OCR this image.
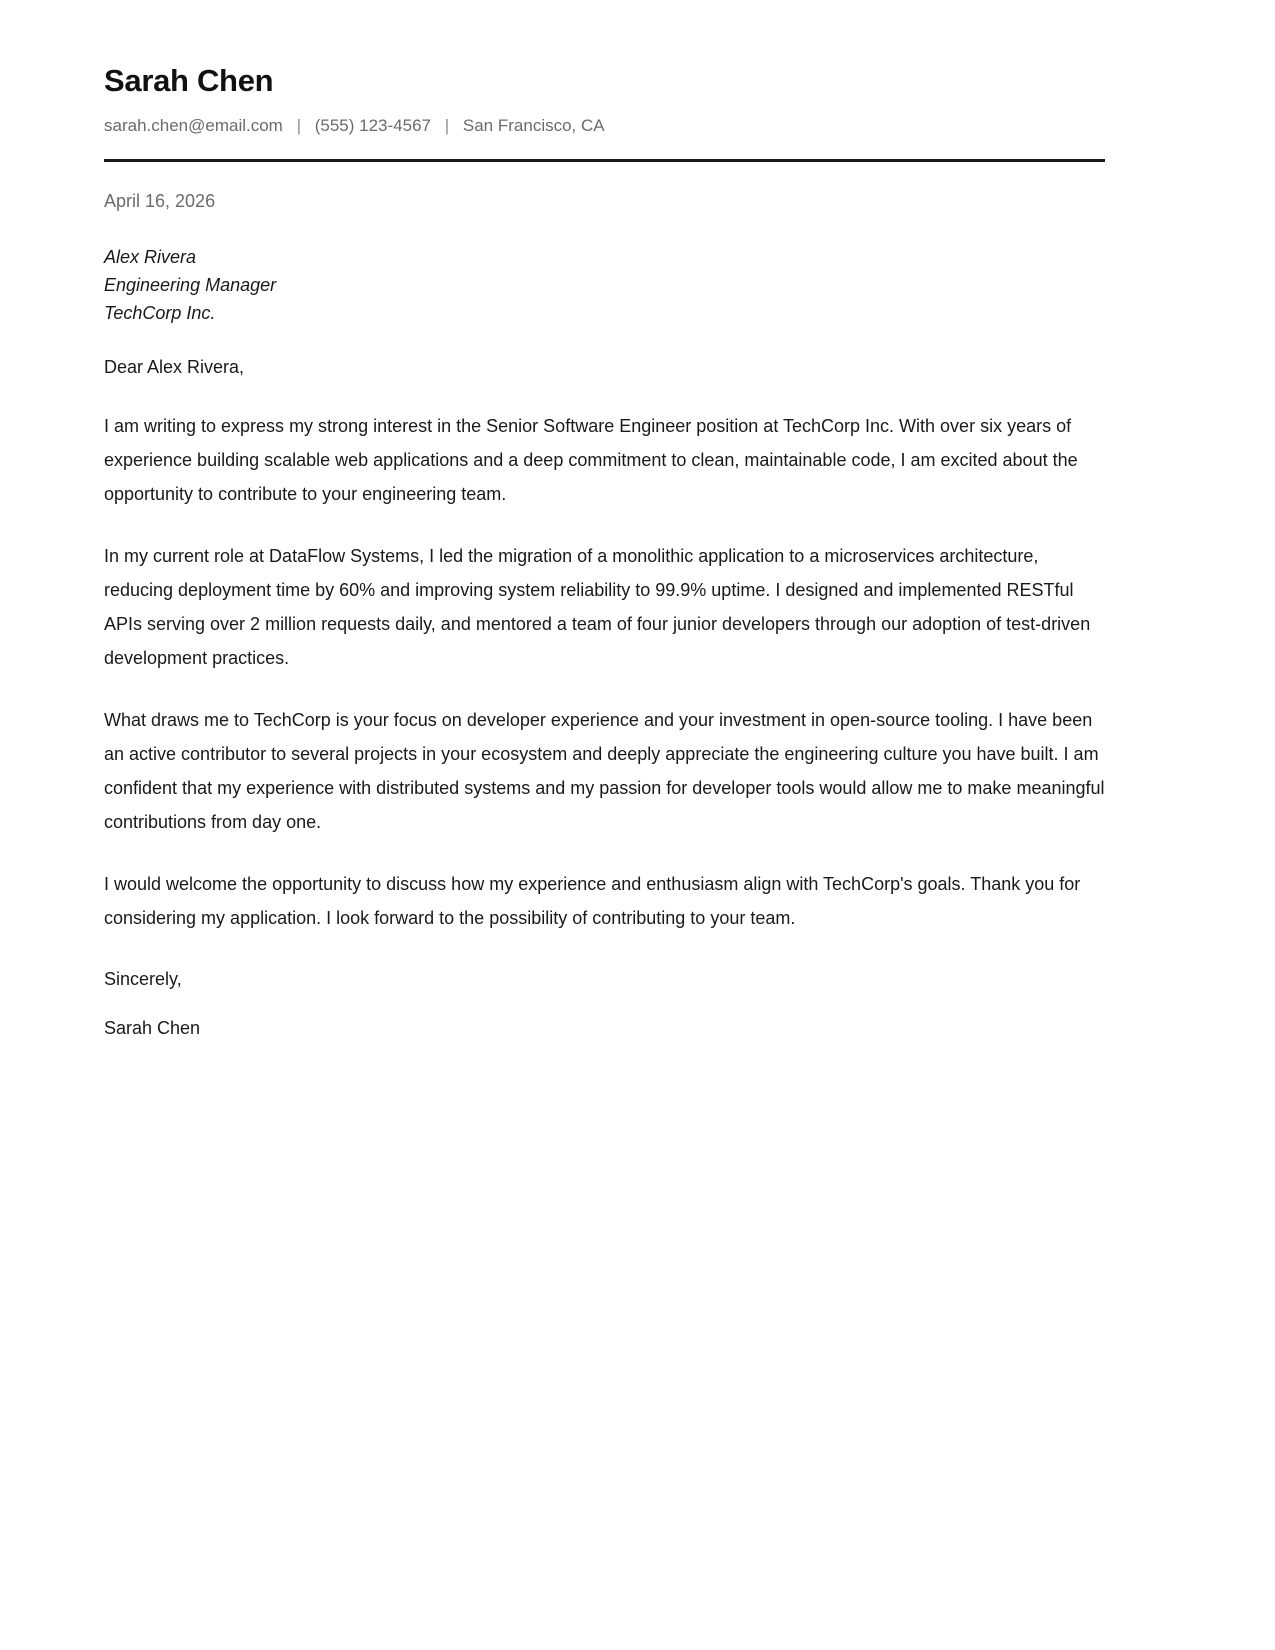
Sarah Chen
sarah.chen@email.com | (555) 123-4567 | San Francisco, CA
April 16, 2026
Alex Rivera
Engineering Manager
TechCorp Inc.
Dear Alex Rivera,

I am writing to express my strong interest in the Senior Software Engineer position at TechCorp Inc. With over six years of experience building scalable web applications and a deep commitment to clean, maintainable code, I am excited about the opportunity to contribute to your engineering team.

In my current role at DataFlow Systems, I led the migration of a monolithic application to a microservices architecture, reducing deployment time by 60% and improving system reliability to 99.9% uptime. I designed and implemented RESTful APIs serving over 2 million requests daily, and mentored a team of four junior developers through our adoption of test-driven development practices.

What draws me to TechCorp is your focus on developer experience and your investment in open-source tooling. I have been an active contributor to several projects in your ecosystem and deeply appreciate the engineering culture you have built. I am confident that my experience with distributed systems and my passion for developer tools would allow me to make meaningful contributions from day one.

I would welcome the opportunity to discuss how my experience and enthusiasm align with TechCorp's goals. Thank you for considering my application. I look forward to the possibility of contributing to your team.

Sincerely,
Sarah Chen
